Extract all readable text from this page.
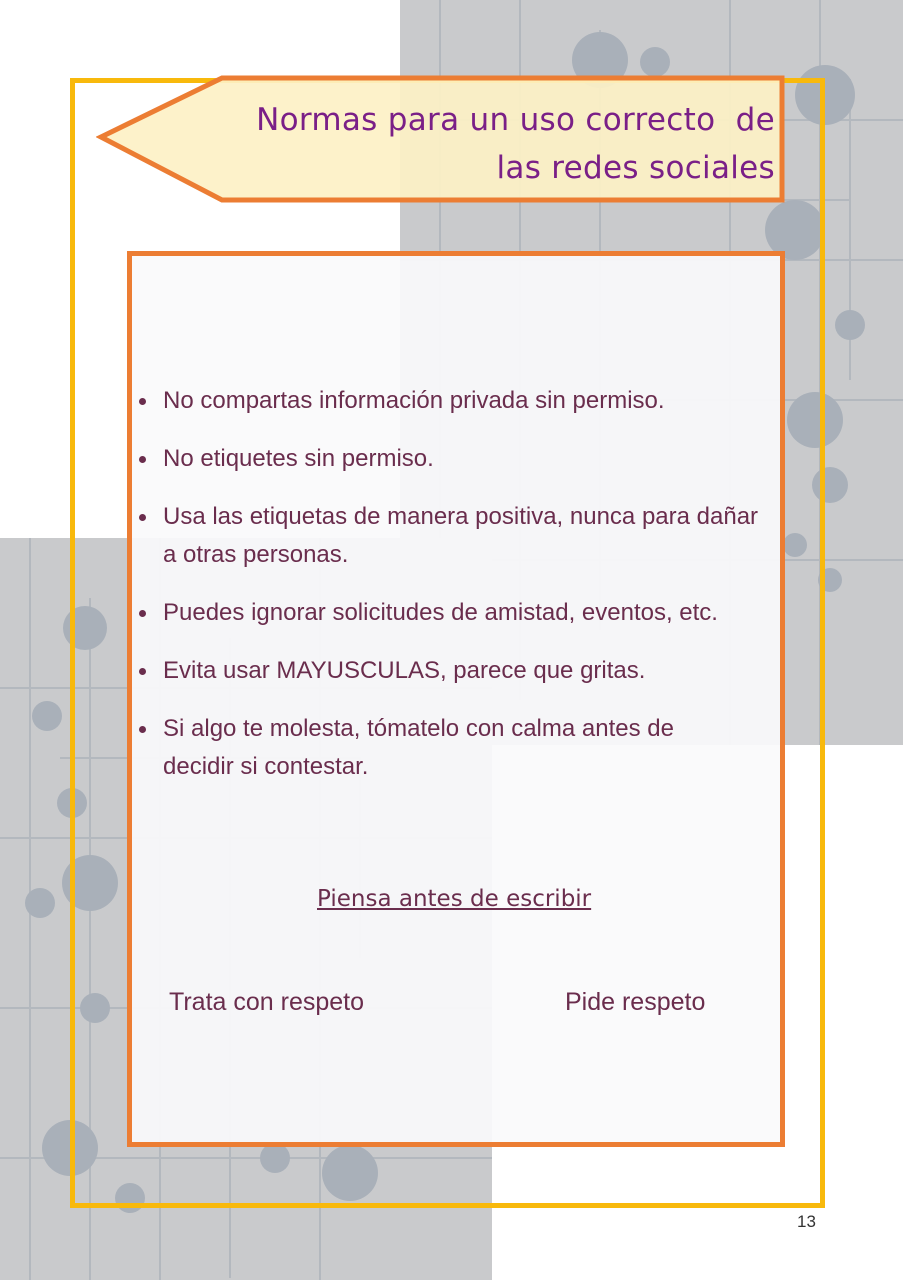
Normas para un uso correcto  de
las redes sociales
No compartas información privada sin permiso.
No etiquetes sin permiso.
Usa las etiquetas de manera positiva, nunca para dañar a otras personas.
Puedes ignorar solicitudes de amistad, eventos, etc.
Evita usar MAYUSCULAS, parece que gritas.
Si algo te molesta, tómatelo con calma antes de decidir si contestar.
Piensa antes de escribir
Trata con respeto	Pide respeto
13
